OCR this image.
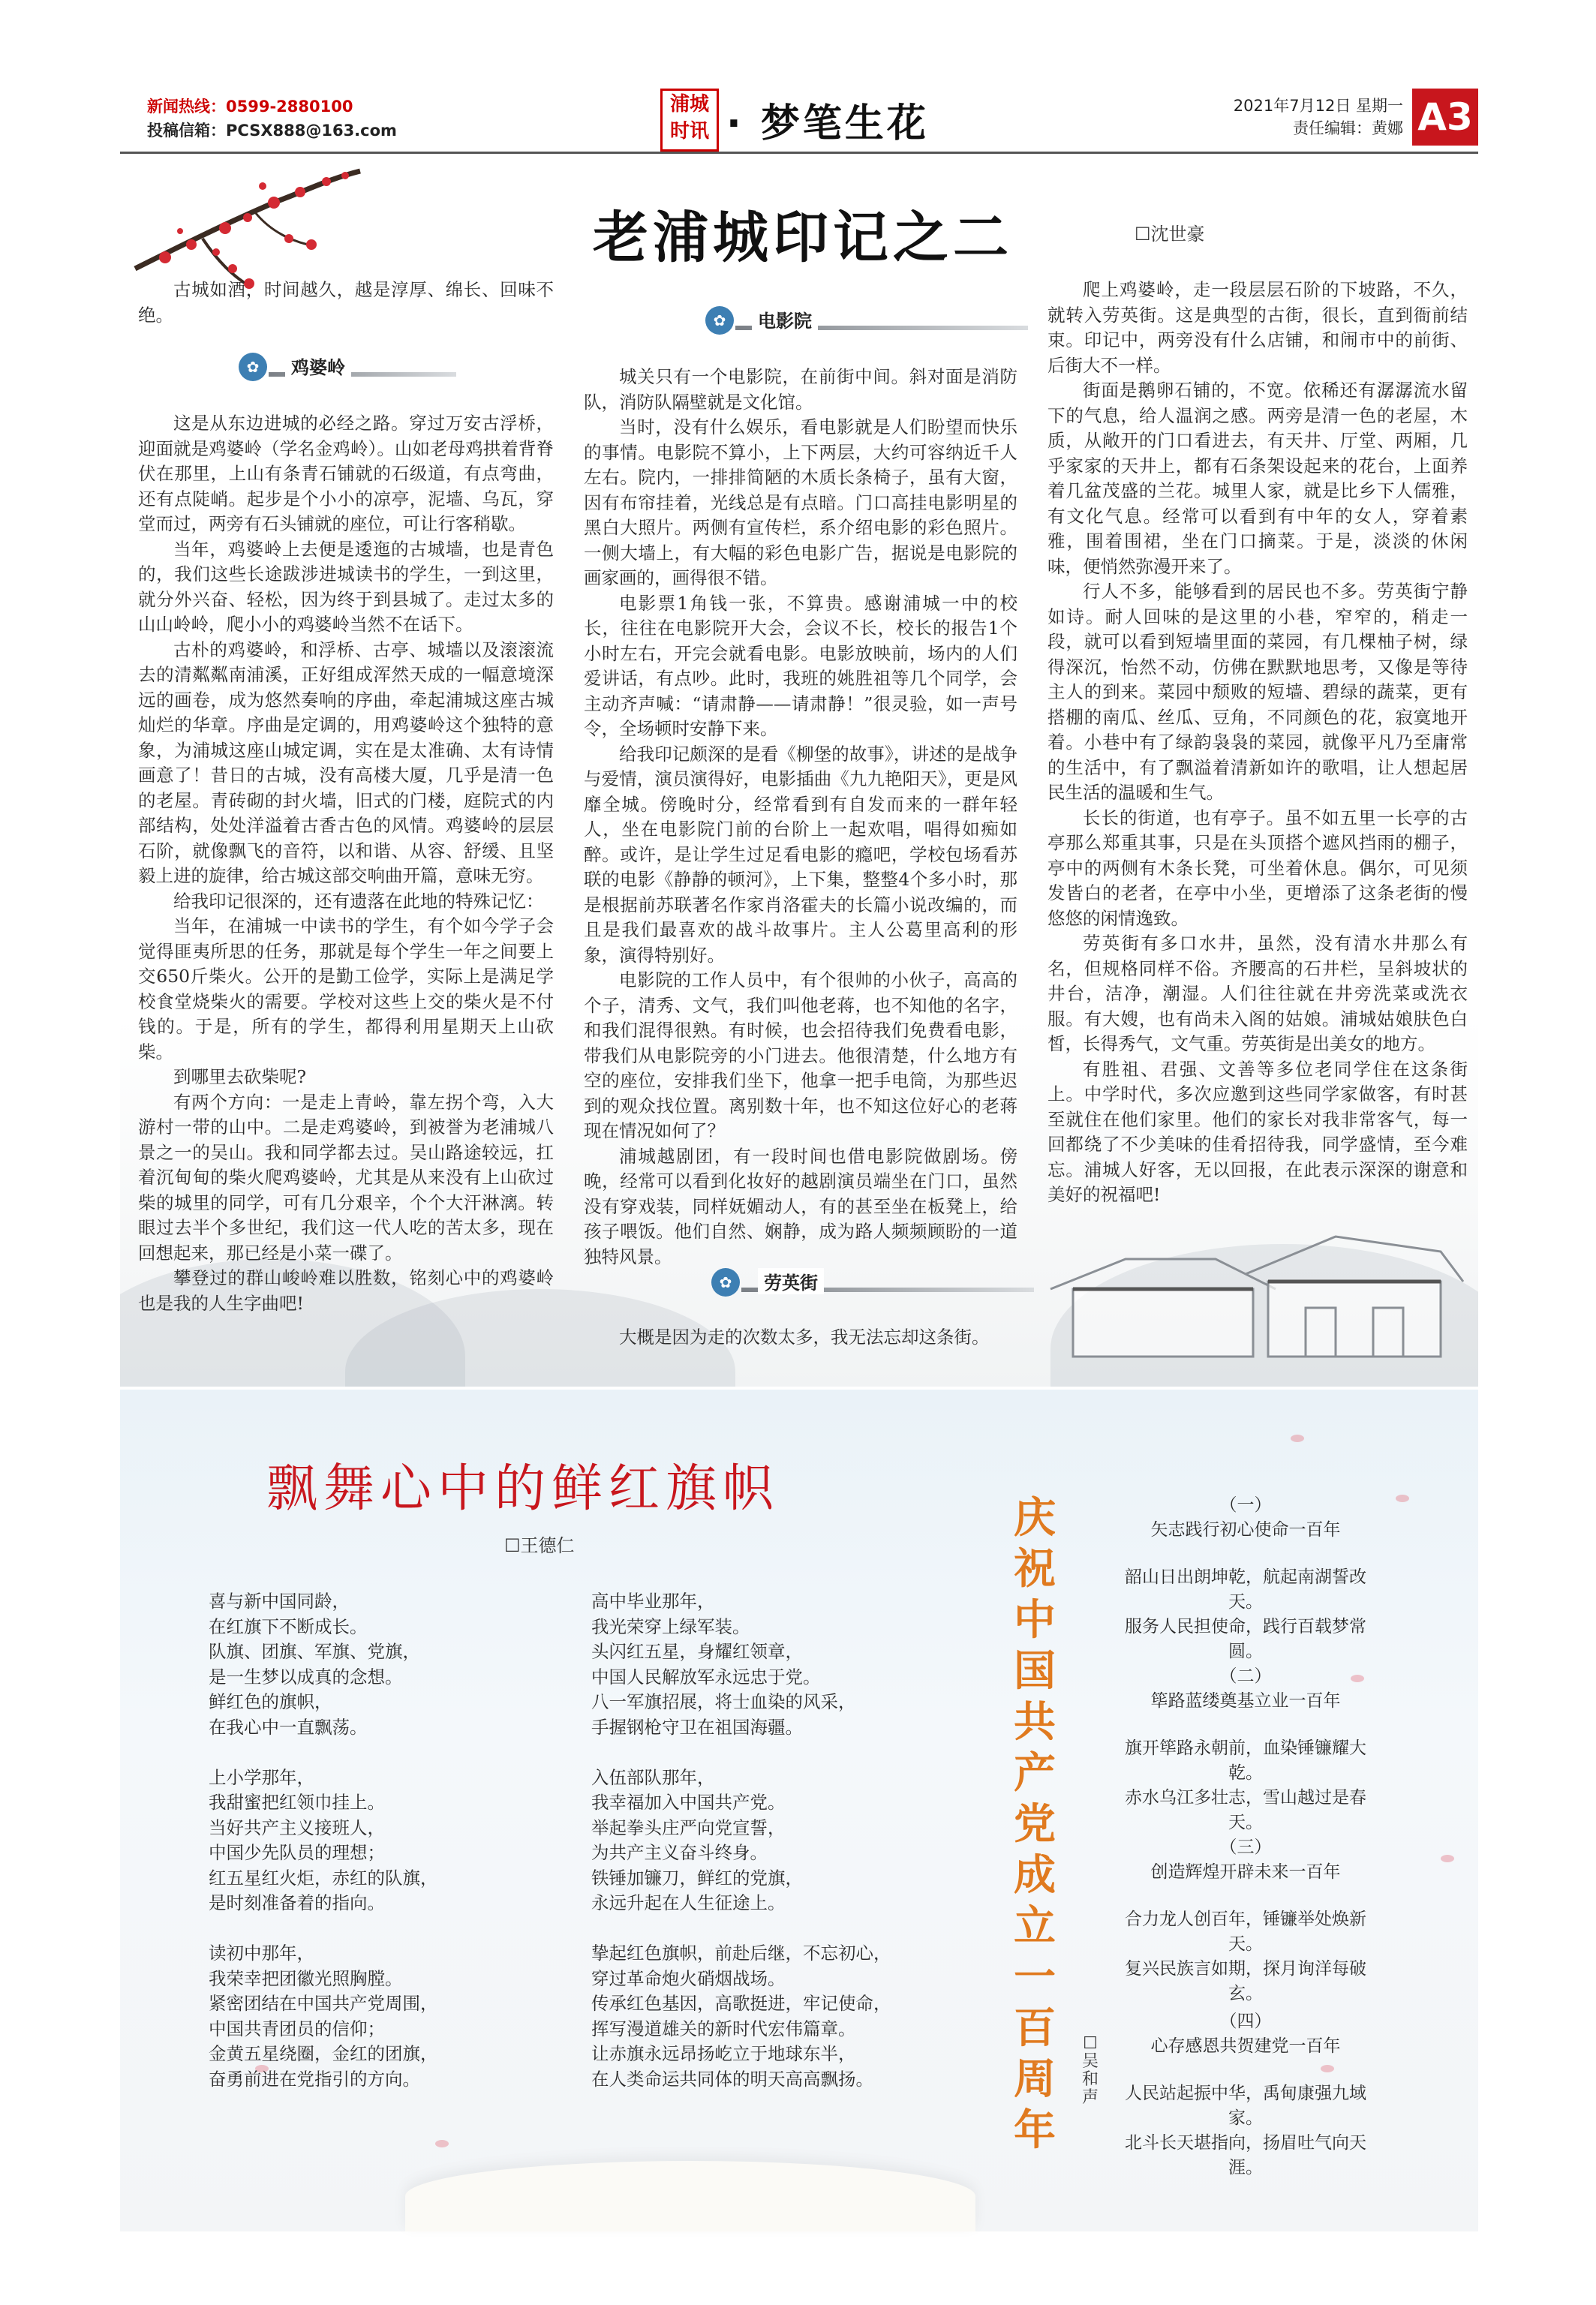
新闻热线：0599-2880100
投稿信箱：PCSX888@163.com
浦城
时讯 · 梦笔生花	2021年7月12日 星期一
责任编辑：黄娜 A3
老浦城印记之二	☐沈世豪

古城如酒，时间越久，越是淳厚、绵长、回味不绝。

✿	鸡婆岭

这是从东边进城的必经之路。穿过万安古浮桥，迎面就是鸡婆岭（学名金鸡岭）。山如老母鸡拱着背脊伏在那里，上山有条青石铺就的石级道，有点弯曲，还有点陡峭。起步是个小小的凉亭，泥墙、乌瓦，穿堂而过，两旁有石头铺就的座位，可让行客稍歇。

当年，鸡婆岭上去便是逶迤的古城墙，也是青色的，我们这些长途跋涉进城读书的学生，一到这里，就分外兴奋、轻松，因为终于到县城了。走过太多的山山岭岭，爬小小的鸡婆岭当然不在话下。

古朴的鸡婆岭，和浮桥、古亭、城墙以及滚滚流去的清粼粼南浦溪，正好组成浑然天成的一幅意境深远的画卷，成为悠然奏响的序曲，牵起浦城这座古城灿烂的华章。序曲是定调的，用鸡婆岭这个独特的意象，为浦城这座山城定调，实在是太准确、太有诗情画意了！昔日的古城，没有高楼大厦，几乎是清一色的老屋。青砖砌的封火墙，旧式的门楼，庭院式的内部结构，处处洋溢着古香古色的风情。鸡婆岭的层层石阶，就像飘飞的音符，以和谐、从容、舒缓、且坚毅上进的旋律，给古城这部交响曲开篇，意味无穷。

给我印记很深的，还有遗落在此地的特殊记忆：

当年，在浦城一中读书的学生，有个如今学子会觉得匪夷所思的任务，那就是每个学生一年之间要上交650斤柴火。公开的是勤工俭学，实际上是满足学校食堂烧柴火的需要。学校对这些上交的柴火是不付钱的。于是，所有的学生，都得利用星期天上山砍柴。

到哪里去砍柴呢?

有两个方向：一是走上青岭，靠左拐个弯，入大游村一带的山中。二是走鸡婆岭，到被誉为老浦城八景之一的吴山。我和同学都去过。吴山路途较远，扛着沉甸甸的柴火爬鸡婆岭，尤其是从来没有上山砍过柴的城里的同学，可有几分艰辛，个个大汗淋漓。转眼过去半个多世纪，我们这一代人吃的苦太多，现在回想起来，那已经是小菜一碟了。

攀登过的群山峻岭难以胜数，铭刻心中的鸡婆岭也是我的人生字曲吧!

✿	电影院

城关只有一个电影院，在前街中间。斜对面是消防队，消防队隔壁就是文化馆。

当时，没有什么娱乐，看电影就是人们盼望而快乐的事情。电影院不算小，上下两层，大约可容纳近千人左右。院内，一排排简陋的木质长条椅子，虽有大窗，因有布帘挂着，光线总是有点暗。门口高挂电影明星的黑白大照片。两侧有宣传栏，系介绍电影的彩色照片。一侧大墙上，有大幅的彩色电影广告，据说是电影院的画家画的，画得很不错。

电影票1角钱一张，不算贵。感谢浦城一中的校长，往往在电影院开大会，会议不长，校长的报告1个小时左右，开完会就看电影。电影放映前，场内的人们爱讲话，有点吵。此时，我班的姚胜祖等几个同学，会主动齐声喊：“请肃静——请肃静！”很灵验，如一声号令，全场顿时安静下来。

给我印记颇深的是看《柳堡的故事》，讲述的是战争与爱情，演员演得好，电影插曲《九九艳阳天》，更是风靡全城。傍晚时分，经常看到有自发而来的一群年轻人，坐在电影院门前的台阶上一起欢唱，唱得如痴如醉。或许，是让学生过足看电影的瘾吧，学校包场看苏联的电影《静静的顿河》，上下集，整整4个多小时，那是根据前苏联著名作家肖洛霍夫的长篇小说改编的，而且是我们最喜欢的战斗故事片。主人公葛里高利的形象，演得特别好。

电影院的工作人员中，有个很帅的小伙子，高高的个子，清秀、文气，我们叫他老蒋，也不知他的名字，和我们混得很熟。有时候，也会招待我们免费看电影，带我们从电影院旁的小门进去。他很清楚，什么地方有空的座位，安排我们坐下，他拿一把手电筒，为那些迟到的观众找位置。离别数十年，也不知这位好心的老蒋现在情况如何了？

浦城越剧团，有一段时间也借电影院做剧场。傍晚，经常可以看到化妆好的越剧演员端坐在门口，虽然没有穿戏装，同样妩媚动人，有的甚至坐在板凳上，给孩子喂饭。他们自然、娴静，成为路人频频顾盼的一道独特风景。

✿	劳英街

大概是因为走的次数太多，我无法忘却这条街。

爬上鸡婆岭，走一段层层石阶的下坡路，不久，就转入劳英街。这是典型的古街，很长，直到衙前结束。印记中，两旁没有什么店铺，和闹市中的前街、后街大不一样。

街面是鹅卵石铺的，不宽。依稀还有潺潺流水留下的气息，给人温润之感。两旁是清一色的老屋，木质，从敞开的门口看进去，有天井、厅堂、两厢，几乎家家的天井上，都有石条架设起来的花台，上面养着几盆茂盛的兰花。城里人家，就是比乡下人儒雅，有文化气息。经常可以看到有中年的女人，穿着素雅，围着围裙，坐在门口摘菜。于是，淡淡的休闲味，便悄然弥漫开来了。

行人不多，能够看到的居民也不多。劳英街宁静如诗。耐人回味的是这里的小巷，窄窄的，稍走一段，就可以看到短墙里面的菜园，有几棵柚子树，绿得深沉，怡然不动，仿佛在默默地思考，又像是等待主人的到来。菜园中颓败的短墙、碧绿的蔬菜，更有搭棚的南瓜、丝瓜、豆角，不同颜色的花，寂寞地开着。小巷中有了绿韵袅袅的菜园，就像平凡乃至庸常的生活中，有了飘溢着清新如许的歌唱，让人想起居民生活的温暖和生气。

长长的街道，也有亭子。虽不如五里一长亭的古亭那么郑重其事，只是在头顶搭个遮风挡雨的棚子，亭中的两侧有木条长凳，可坐着休息。偶尔，可见须发皆白的老者，在亭中小坐，更增添了这条老街的慢悠悠的闲情逸致。

劳英街有多口水井，虽然，没有清水井那么有名，但规格同样不俗。齐腰高的石井栏，呈斜坡状的井台，洁净，潮湿。人们往往就在井旁洗菜或洗衣服。有大嫂，也有尚未入阁的姑娘。浦城姑娘肤色白皙，长得秀气，文气重。劳英街是出美女的地方。

有胜祖、君强、文善等多位老同学住在这条街上。中学时代，多次应邀到这些同学家做客，有时甚至就住在他们家里。他们的家长对我非常客气，每一回都绕了不少美味的佳肴招待我，同学盛情，至今难忘。浦城人好客，无以回报，在此表示深深的谢意和美好的祝福吧!

飘舞心中的鲜红旗帜
☐王德仁
喜与新中国同龄，
在红旗下不断成长。
队旗、团旗、军旗、党旗，
是一生梦以成真的念想。
鲜红色的旗帜，
在我心中一直飘荡。

上小学那年，
我甜蜜把红领巾挂上。
当好共产主义接班人，
中国少先队员的理想；
红五星红火炬，赤红的队旗，
是时刻准备着的指向。

读初中那年，
我荣幸把团徽光照胸膛。
紧密团结在中国共产党周围，
中国共青团员的信仰；
金黄五星绕圈，金红的团旗，
奋勇前进在党指引的方向。
高中毕业那年，
我光荣穿上绿军装。
头闪红五星，身耀红领章，
中国人民解放军永远忠于党。
八一军旗招展，将士血染的风采，
手握钢枪守卫在祖国海疆。

入伍部队那年，
我幸福加入中国共产党。
举起拳头庄严向党宣誓，
为共产主义奋斗终身。
铁锤加镰刀，鲜红的党旗，
永远升起在人生征途上。

挚起红色旗帜，前赴后继，不忘初心，
穿过革命炮火硝烟战场。
传承红色基因，高歌挺进，牢记使命，
挥写漫道雄关的新时代宏伟篇章。
让赤旗永远昂扬屹立于地球东半，
在人类命运共同体的明天高高飘扬。
庆祝中国共产党成立一百周年
☐吴和声
（一）
矢志践行初心使命一百年
韶山日出朗坤乾，航起南湖誓改天。
服务人民担使命，践行百载梦常圆。
（二）
筚路蓝缕奠基立业一百年
旗开筚路永朝前，血染锤镰耀大乾。
赤水乌江多壮志，雪山越过是春天。
（三）
创造辉煌开辟未来一百年
合力龙人创百年，锤镰举处焕新天。
复兴民族言如期，探月询洋每破玄。
（四）
心存感恩共贺建党一百年
人民站起振中华，禹甸康强九域家。
北斗长天堪指向，扬眉吐气向天涯。
